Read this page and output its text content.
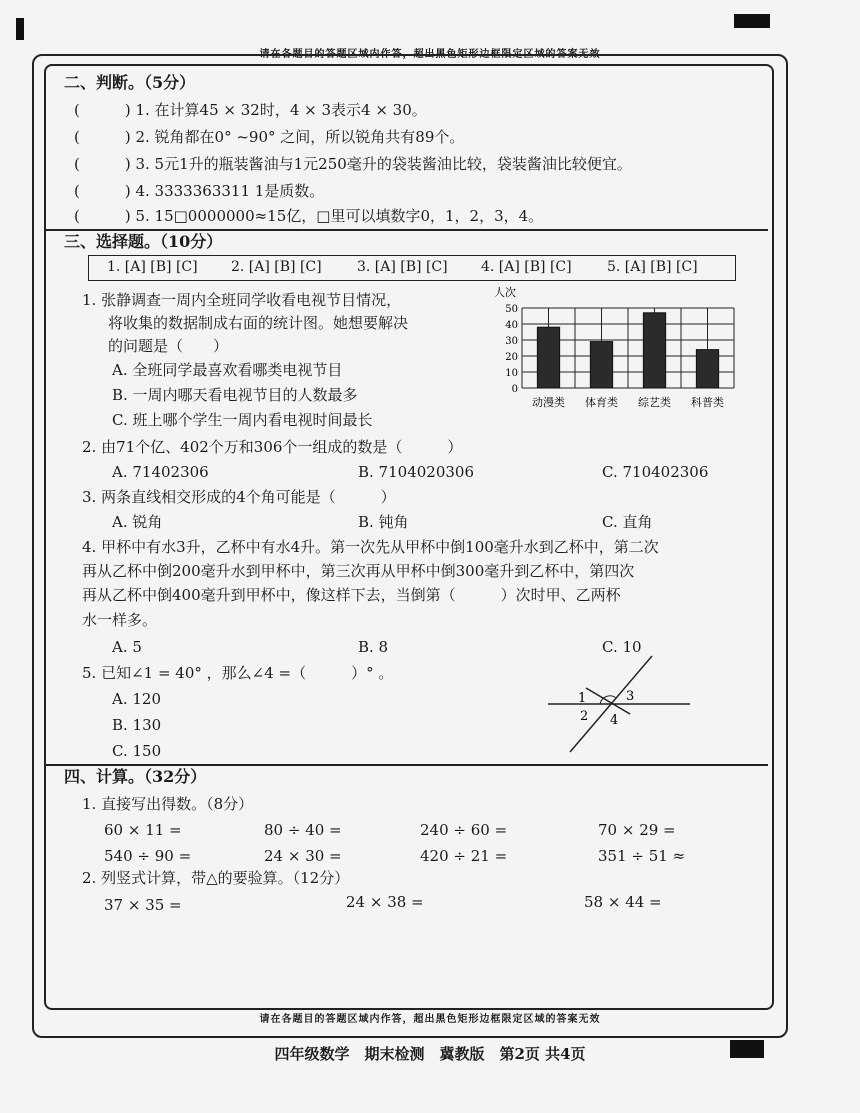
请在各题目的答题区域内作答，超出黑色矩形边框限定区域的答案无效
二、判断。（5分）
(　　　) 1. 在计算45 × 32时，4 × 3表示4 × 30。
(　　　) 2. 锐角都在0° ~90° 之间，所以锐角共有89个。
(　　　) 3. 5元1升的瓶装酱油与1元250毫升的袋装酱油比较，袋装酱油比较便宜。
(　　　) 4. 3333363311 1是质数。
(　　　) 5. 15□0000000≈15亿，□里可以填数字0，1，2，3，4。
三、选择题。（10分）
1. [A] [B] [C] 2. [A] [B] [C]	3. [A] [B] [C] 4. [A] [B] [C]	5. [A] [B] [C]
1. 张静调查一周内全班同学收看电视节目情况，
将收集的数据制成右面的统计图。她想要解决
的问题是（　　）
A. 全班同学最喜欢看哪类电视节目
B. 一周内哪天看电视节目的人数最多
C. 班上哪个学生一周内看电视时间最长
人次
0
10
20
30
40
50
动漫类 体育类 综艺类 科普类
2. 由71个亿、402个万和306个一组成的数是（　　　）
A. 71402306	B. 7104020306	C. 710402306
3. 两条直线相交形成的4个角可能是（　　　）
A. 锐角	B. 钝角	C. 直角
4. 甲杯中有水3升，乙杯中有水4升。第一次先从甲杯中倒100毫升水到乙杯中，第二次
再从乙杯中倒200毫升水到甲杯中，第三次再从甲杯中倒300毫升到乙杯中，第四次
再从乙杯中倒400毫升到甲杯中，像这样下去，当倒第（　　　）次时甲、乙两杯
水一样多。
A. 5	B. 8	C. 10
5. 已知∠1 = 40° ，那么∠4 =（　　　）° 。
A. 120
B. 130
C. 150
1
2
3
4
四、计算。（32分）
1. 直接写出得数。（8分）
60 × 11 =	80 ÷ 40 =	240 ÷ 60 =	70 × 29 =
540 ÷ 90 =	24 × 30 =	420 ÷ 21 =	351 ÷ 51 ≈
2. 列竖式计算，带△的要验算。（12分）
37 × 35 =	24 × 38 =	58 × 44 =
请在各题目的答题区域内作答，超出黑色矩形边框限定区域的答案无效
四年级数学　期末检测　冀教版　第2页 共4页
